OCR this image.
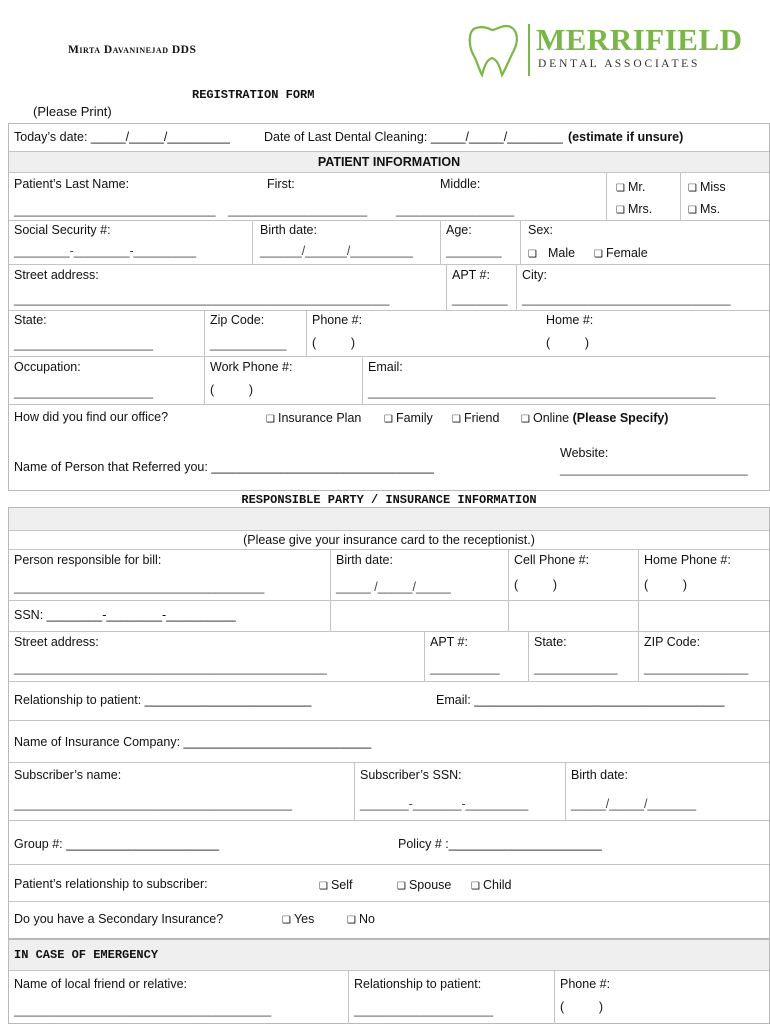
Mirta Davaninejad DDS	MERRIFIELD
D E N T A L   A S S O C I A T E S
REGISTRATION FORM
(Please Print)
Today’s date: _____/_____/_________	Date of Last Dental Cleaning: _____/_____/________ (estimate if unsure)
PATIENT INFORMATION
Patient’s Last Name:	First:	Middle:
_____________________________ ____________________ _________________
❑ Mr.	❑ Miss
❑ Mrs.	❑ Ms.
Social Security #:	Birth date:	Age:	Sex:
________-________-_________	______/______/_________	________	❑ Male	❑ Female
Street address:	APT #:	City:
______________________________________________________	________ ______________________________
State:	Zip Code:	Phone #:	Home #:
____________________	___________ (          )	(          )
Occupation:	Work Phone #:	Email:
____________________	(          )	__________________________________________________
How did you find our office?	❑ Insurance Plan	❑ Family	❑ Friend	❑ Online (Please Specify)
Website:
___________________________
Name of Person that Referred you: ________________________________
RESPONSIBLE PARTY / INSURANCE INFORMATION
(Please give your insurance card to the receptionist.)
Person responsible for bill:	Birth date:	Cell Phone #:	Home Phone #:
____________________________________	_____ /_____/_____	(          )	(          )
SSN: ________-________-__________
Street address:	APT #:	State:	ZIP Code:
_____________________________________________	__________	____________ _______________
Relationship to patient: ________________________	Email: ____________________________________
Name of Insurance Company: ___________________________
Subscriber’s name:	Subscriber’s SSN:	Birth date:
________________________________________	_______-_______-_________	_____/_____/_______
Group #: ______________________	Policy # :______________________
Patient’s relationship to subscriber:	❑ Self	❑ Spouse	❑ Child
Do you have a Secondary Insurance?	❑ Yes	❑ No
IN CASE OF EMERGENCY
Name of local friend or relative:	Relationship to patient:	Phone #:
_____________________________________	____________________	(          )
